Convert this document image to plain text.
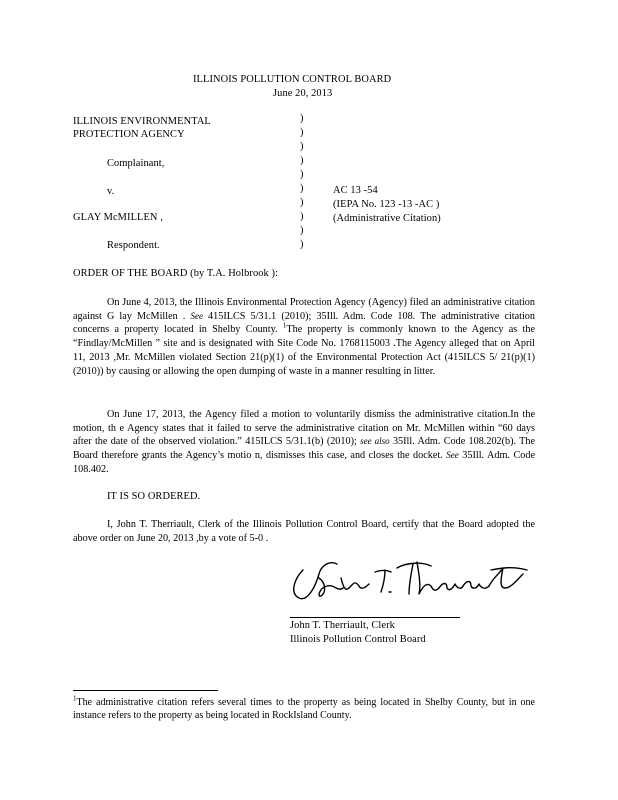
ILLINOIS POLLUTION CONTROL BOARD
June 20, 2013
ILLINOIS ENVIRONMENTAL
PROTECTION AGENCY
Complainant,
v.
GLAY McMILLEN ,
Respondent.
)
)
)
)
)
)
)
)
)
)
AC 13 -54
(IEPA No. 123 -13 -AC )
(Administrative Citation)
ORDER OF THE BOARD (by T.A. Holbrook ):
On June 4, 2013, the Illinois Environmental Protection Agency (Agency) filed an administrative citation against G lay McMillen . See 415ILCS 5/31.1 (2010); 35Ill. Adm. Code 108. The administrative citation concerns a property located in Shelby County. $^1$The property is commonly known to the Agency as the “Findlay/McMillen ” site and is designated with Site Code No. 1768115003 .The Agency alleged that on April 11, 2013 ,Mr. McMillen violated Section 21(p)(1) of the Environmental Protection Act (415ILCS 5/ 21(p)(1) (2010)) by causing or allowing the open dumping of waste in a manner resulting in litter.
On June 17, 2013, the Agency filed a motion to voluntarily dismiss the administrative citation.In the motion, th e Agency states that it failed to serve the administrative citation on Mr. McMillen within “60 days after the date of the observed violation.” 415ILCS 5/31.1(b) (2010); see also 35Ill. Adm. Code 108.202(b). The Board therefore grants the Agency’s motio n, dismisses this case, and closes the docket. See 35Ill. Adm. Code 108.402.
IT IS SO ORDERED.
I, John T. Therriault, Clerk of the Illinois Pollution Control Board, certify that the Board adopted the above order on June 20, 2013 ,by a vote of 5-0 .
John T. Therriault, Clerk
Illinois Pollution Control Board
$^1$The administrative citation refers several times to the property as being located in Shelby County, but in one instance refers to the property as being located in RockIsland County.
